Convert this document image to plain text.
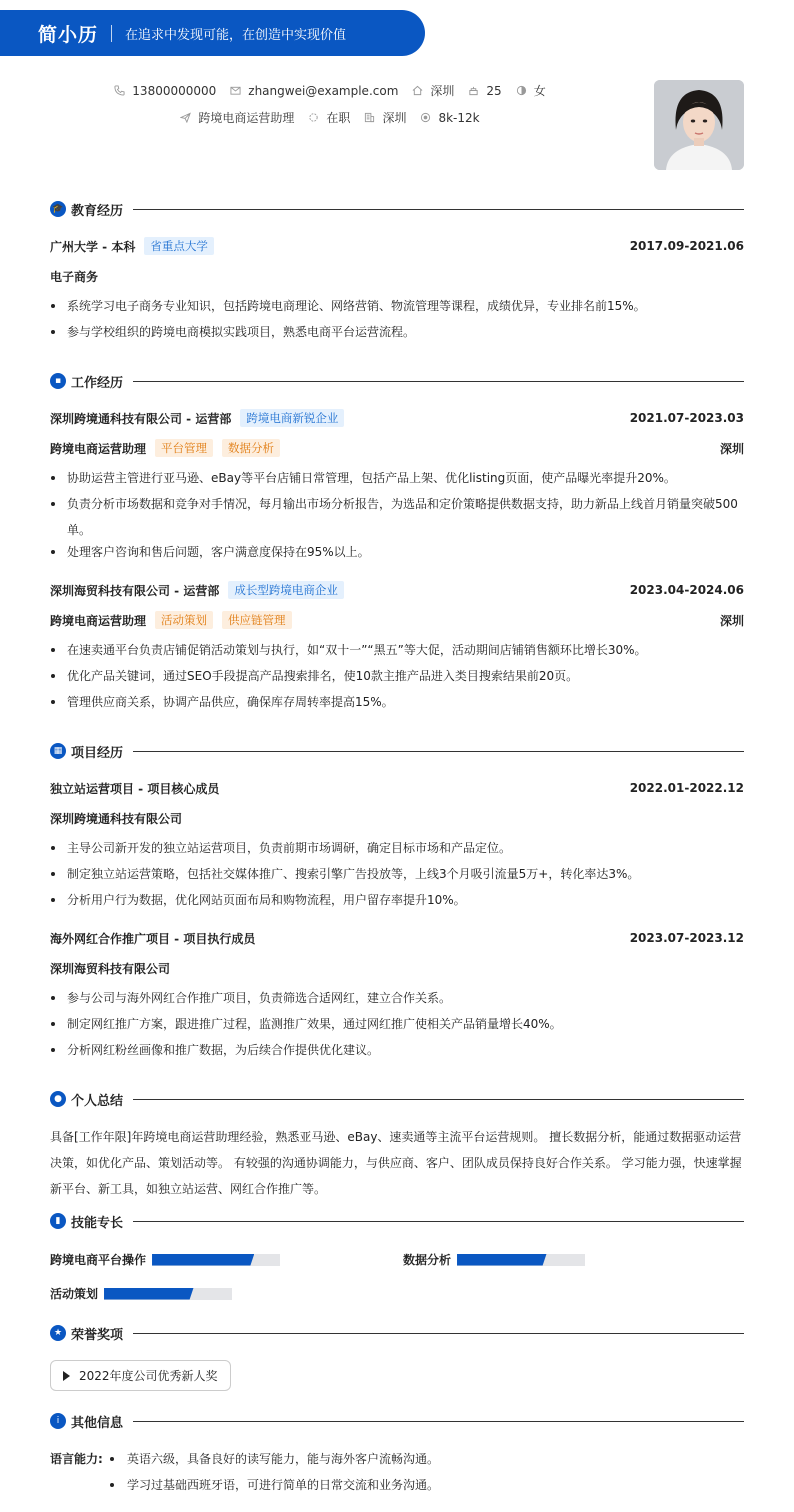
简小历 在追求中发现可能，在创造中实现价值
13800000000	zhangwei@example.com	深圳	25	女
跨境电商运营助理	在职	深圳	8k-12k
🎓 教育经历
广州大学 - 本科	省重点大学	2017.09-2021.06
电子商务
系统学习电子商务专业知识，包括跨境电商理论、网络营销、物流管理等课程，成绩优异，专业排名前15%。
参与学校组织的跨境电商模拟实践项目，熟悉电商平台运营流程。
▪ 工作经历
深圳跨境通科技有限公司 - 运营部	跨境电商新锐企业	2021.07-2023.03
跨境电商运营助理	平台管理	数据分析	深圳
协助运营主管进行亚马逊、eBay等平台店铺日常管理，包括产品上架、优化listing页面，使产品曝光率提升20%。
负责分析市场数据和竞争对手情况，每月输出市场分析报告，为选品和定价策略提供数据支持，助力新品上线首月销量突破500单。
处理客户咨询和售后问题，客户满意度保持在95%以上。
深圳海贸科技有限公司 - 运营部	成长型跨境电商企业	2023.04-2024.06
跨境电商运营助理	活动策划	供应链管理	深圳
在速卖通平台负责店铺促销活动策划与执行，如“双十一”“黑五”等大促，活动期间店铺销售额环比增长30%。
优化产品关键词，通过SEO手段提高产品搜索排名，使10款主推产品进入类目搜索结果前20页。
管理供应商关系，协调产品供应，确保库存周转率提高15%。
▦ 项目经历
独立站运营项目 - 项目核心成员	2022.01-2022.12
深圳跨境通科技有限公司
主导公司新开发的独立站运营项目，负责前期市场调研，确定目标市场和产品定位。
制定独立站运营策略，包括社交媒体推广、搜索引擎广告投放等，上线3个月吸引流量5万+，转化率达3%。
分析用户行为数据，优化网站页面布局和购物流程，用户留存率提升10%。
海外网红合作推广项目 - 项目执行成员	2023.07-2023.12
深圳海贸科技有限公司
参与公司与海外网红合作推广项目，负责筛选合适网红，建立合作关系。
制定网红推广方案，跟进推广过程，监测推广效果，通过网红推广使相关产品销量增长40%。
分析网红粉丝画像和推广数据，为后续合作提供优化建议。
● 个人总结
具备[工作年限]年跨境电商运营助理经验，熟悉亚马逊、eBay、速卖通等主流平台运营规则。 擅长数据分析，能通过数据驱动运营决策，如优化产品、策划活动等。 有较强的沟通协调能力，与供应商、客户、团队成员保持良好合作关系。 学习能力强，快速掌握新平台、新工具，如独立站运营、网红合作推广等。
▮ 技能专长
跨境电商平台操作	数据分析
活动策划
★ 荣誉奖项
2022年度公司优秀新人奖
i 其他信息
语言能力:	英语六级，具备良好的读写能力，能与海外客户流畅沟通。
学习过基础西班牙语，可进行简单的日常交流和业务沟通。
